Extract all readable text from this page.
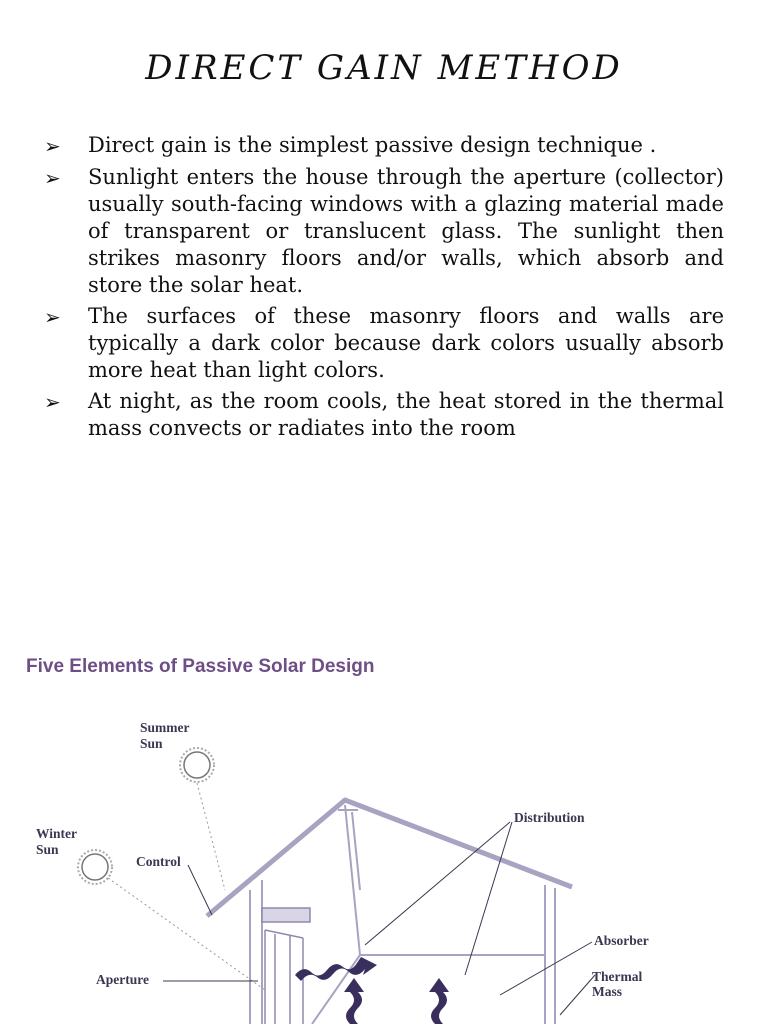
DIRECT GAIN METHOD
➢	Direct gain is the simplest passive design technique .
➢	Sunlight enters the house through the aperture (collector) usually south-facing windows with a glazing material made of transparent or translucent glass. The sunlight then strikes masonry floors and/or walls, which absorb and store the solar heat.
➢	The surfaces of these masonry floors and walls are typically a dark color because dark colors usually absorb more heat than light colors.
➢	At night, as the room cools, the heat stored in the thermal mass convects or radiates into the room
Five Elements of Passive Solar Design
Summer
Sun
Winter
Sun
Control
Distribution
Absorber
Thermal
Mass
Aperture
